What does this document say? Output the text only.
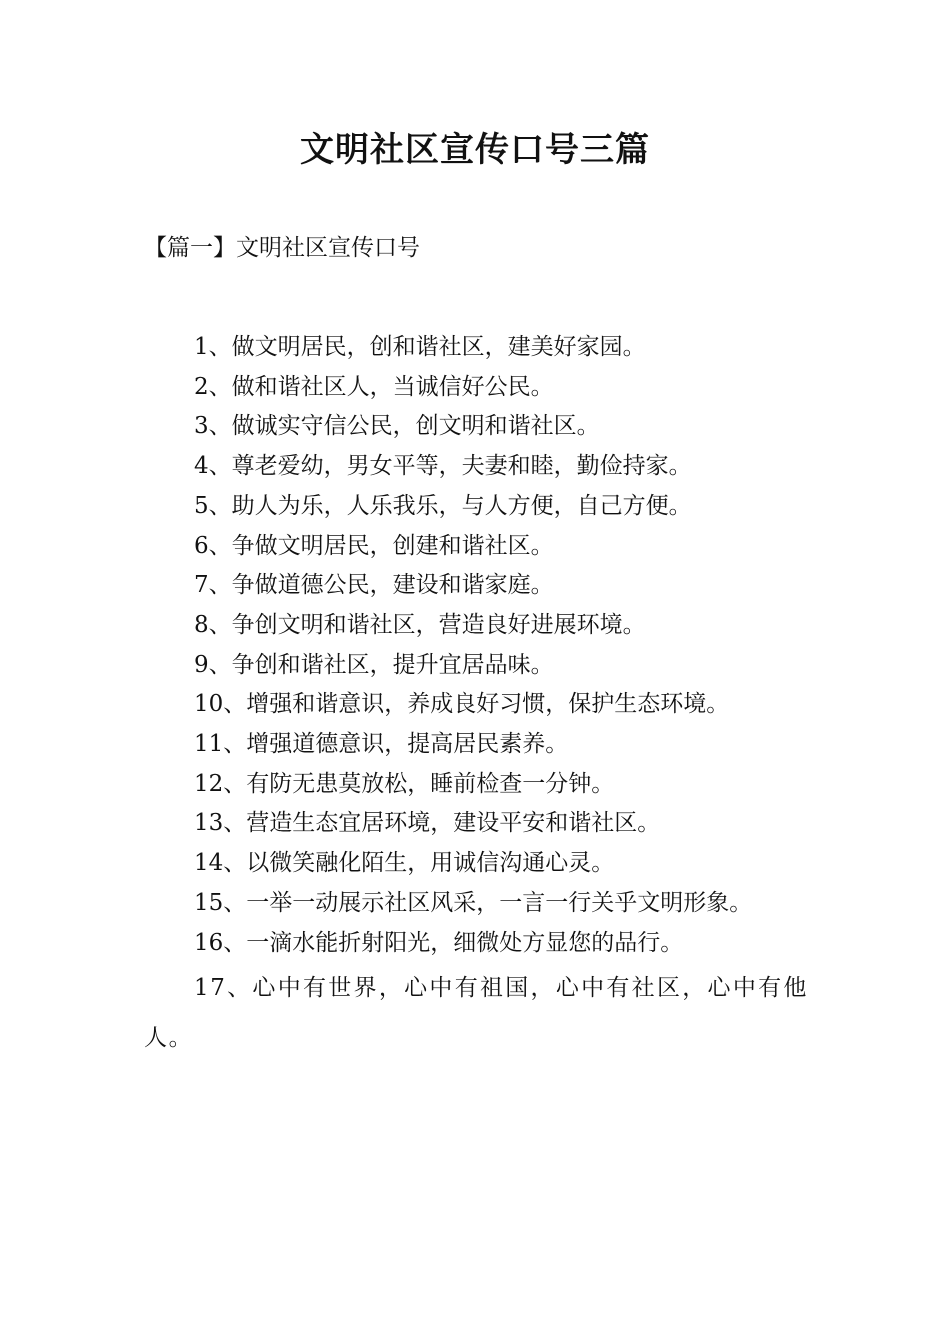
文明社区宣传口号三篇

【篇一】文明社区宣传口号

1、做文明居民，创和谐社区，建美好家园。
2、做和谐社区人，当诚信好公民。
3、做诚实守信公民，创文明和谐社区。
4、尊老爱幼，男女平等，夫妻和睦，勤俭持家。
5、助人为乐，人乐我乐，与人方便，自己方便。
6、争做文明居民，创建和谐社区。
7、争做道德公民，建设和谐家庭。
8、争创文明和谐社区，营造良好进展环境。
9、争创和谐社区，提升宜居品味。
10、增强和谐意识，养成良好习惯，保护生态环境。
11、增强道德意识，提高居民素养。
12、有防无患莫放松，睡前检查一分钟。
13、营造生态宜居环境，建设平安和谐社区。
14、以微笑融化陌生，用诚信沟通心灵。
15、一举一动展示社区风采，一言一行关乎文明形象。
16、一滴水能折射阳光，细微处方显您的品行。
17、心中有世界，心中有祖国，心中有社区，心中有他人。
